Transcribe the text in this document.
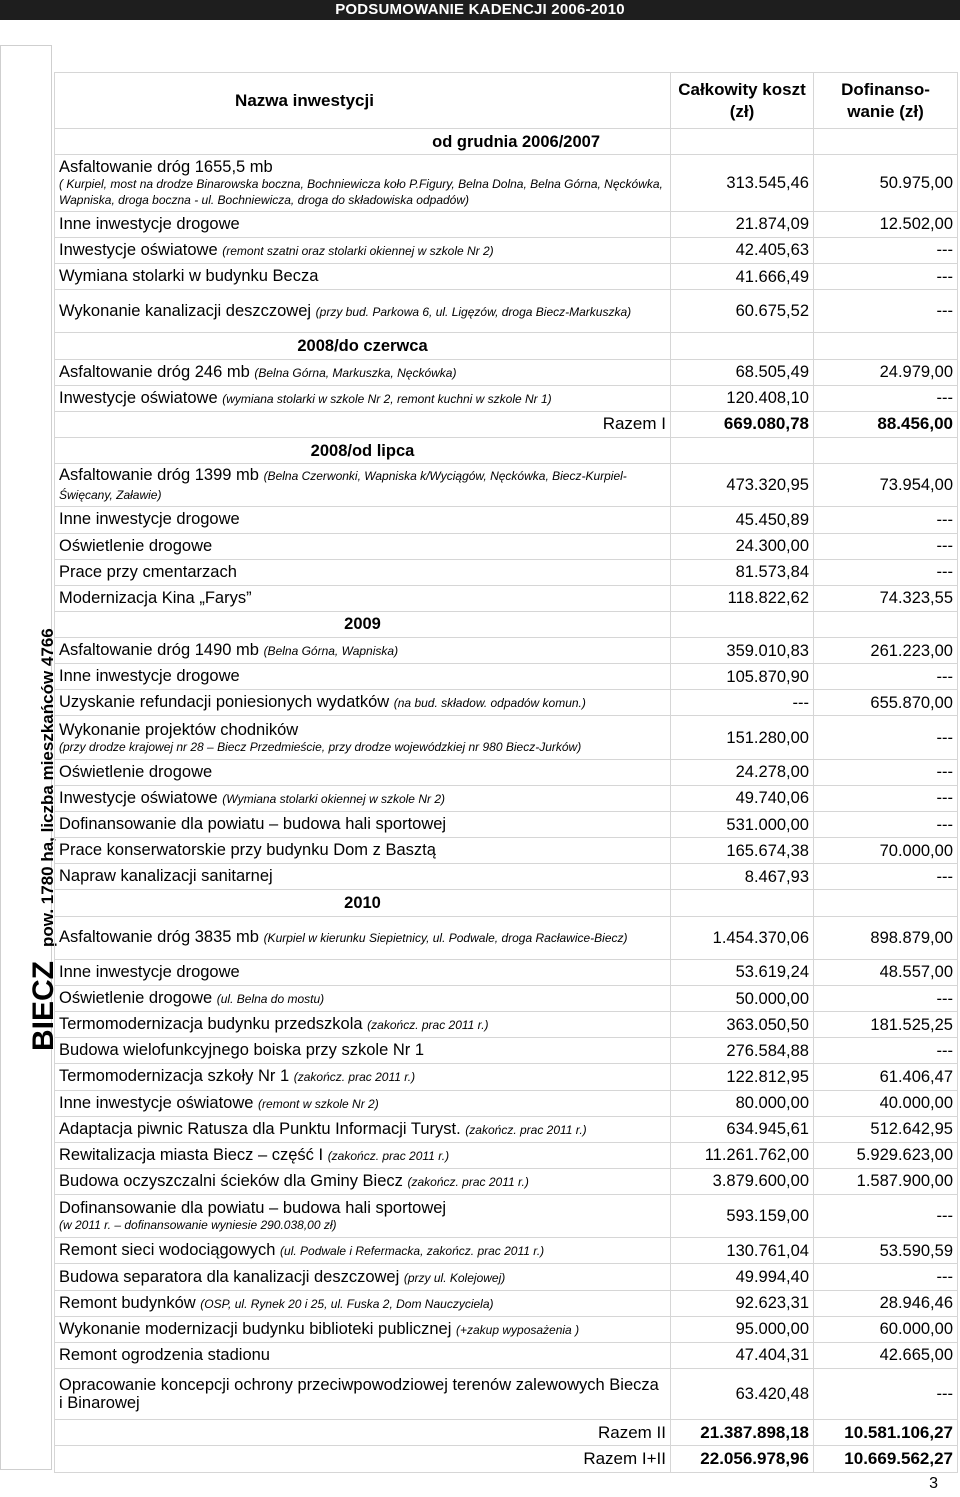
PODSUMOWANIE KADENCJI 2006-2010
BIECZ
pow. 1780 ha, liczba mieszkańców 4766
Nazwa inwestycji	Całkowity koszt (zł)	Dofinanso-wanie (zł)
od grudnia 2006/2007		
Asfaltowanie dróg 1655,5 mb
( Kurpiel, most na drodze Binarowska boczna, Bochniewicza koło P.Figury, Belna Dolna, Belna Górna, Nęckówka, Wapniska, droga boczna - ul. Bochniewicza, droga do składowiska odpadów)	313.545,46	50.975,00
Inne inwestycje drogowe	21.874,09	12.502,00
Inwestycje oświatowe (remont szatni oraz stolarki okiennej w szkole Nr 2)	42.405,63	---
Wymiana stolarki w budynku Becza	41.666,49	---
Wykonanie kanalizacji deszczowej (przy bud. Parkowa 6, ul. Ligęzów, droga Biecz-Markuszka)	60.675,52	---
2008/do czerwca		
Asfaltowanie dróg 246 mb (Belna Górna, Markuszka, Nęckówka)	68.505,49	24.979,00
Inwestycje oświatowe (wymiana stolarki w szkole Nr 2, remont kuchni w szkole Nr 1)	120.408,10	---
Razem I	669.080,78	88.456,00
2008/od lipca		
Asfaltowanie dróg 1399 mb (Belna Czerwonki, Wapniska k/Wyciągów, Nęckówka, Biecz-Kurpiel-Święcany, Załawie)	473.320,95	73.954,00
Inne inwestycje drogowe	45.450,89	---
Oświetlenie drogowe	24.300,00	---
Prace przy cmentarzach	81.573,84	---
Modernizacja Kina „Farys”	118.822,62	74.323,55
2009		
Asfaltowanie dróg 1490 mb (Belna Górna, Wapniska)	359.010,83	261.223,00
Inne inwestycje drogowe	105.870,90	---
Uzyskanie refundacji poniesionych wydatków (na bud. składow. odpadów komun.)	---	655.870,00
Wykonanie projektów chodników
(przy drodze krajowej nr 28 – Biecz Przedmieście, przy drodze wojewódzkiej nr 980 Biecz-Jurków)	151.280,00	---
Oświetlenie drogowe	24.278,00	---
Inwestycje oświatowe (Wymiana stolarki okiennej w szkole Nr 2)	49.740,06	---
Dofinansowanie dla powiatu – budowa hali sportowej	531.000,00	---
Prace konserwatorskie przy budynku Dom z Basztą	165.674,38	70.000,00
Napraw kanalizacji sanitarnej	8.467,93	---
2010		
Asfaltowanie dróg 3835 mb (Kurpiel w kierunku Siepietnicy, ul. Podwale, droga Racławice-Biecz)	1.454.370,06	898.879,00
Inne inwestycje drogowe	53.619,24	48.557,00
Oświetlenie drogowe (ul. Belna do mostu)	50.000,00	---
Termomodernizacja budynku przedszkola (zakończ. prac 2011 r.)	363.050,50	181.525,25
Budowa wielofunkcyjnego boiska przy szkole Nr 1	276.584,88	---
Termomodernizacja szkoły Nr 1 (zakończ. prac 2011 r.)	122.812,95	61.406,47
Inne inwestycje oświatowe (remont w szkole Nr 2)	80.000,00	40.000,00
Adaptacja piwnic Ratusza dla Punktu Informacji Turyst. (zakończ. prac 2011 r.)	634.945,61	512.642,95
Rewitalizacja miasta Biecz – część I (zakończ. prac 2011 r.)	11.261.762,00	5.929.623,00
Budowa oczyszczalni ścieków dla Gminy Biecz (zakończ. prac 2011 r.)	3.879.600,00	1.587.900,00
Dofinansowanie dla powiatu – budowa hali sportowej
(w 2011 r. – dofinansowanie wyniesie 290.038,00 zł)	593.159,00	---
Remont sieci wodociągowych (ul. Podwale i Refermacka, zakończ. prac 2011 r.)	130.761,04	53.590,59
Budowa separatora dla kanalizacji deszczowej (przy ul. Kolejowej)	49.994,40	---
Remont budynków (OSP, ul. Rynek 20 i 25, ul. Fuska 2, Dom Nauczyciela)	92.623,31	28.946,46
Wykonanie modernizacji budynku biblioteki publicznej (+zakup wyposażenia )	95.000,00	60.000,00
Remont ogrodzenia stadionu	47.404,31	42.665,00
Opracowanie koncepcji ochrony przeciwpowodziowej terenów zalewowych Biecza i Binarowej	63.420,48	---
Razem II	21.387.898,18	10.581.106,27
Razem I+II	22.056.978,96	10.669.562,27
3
